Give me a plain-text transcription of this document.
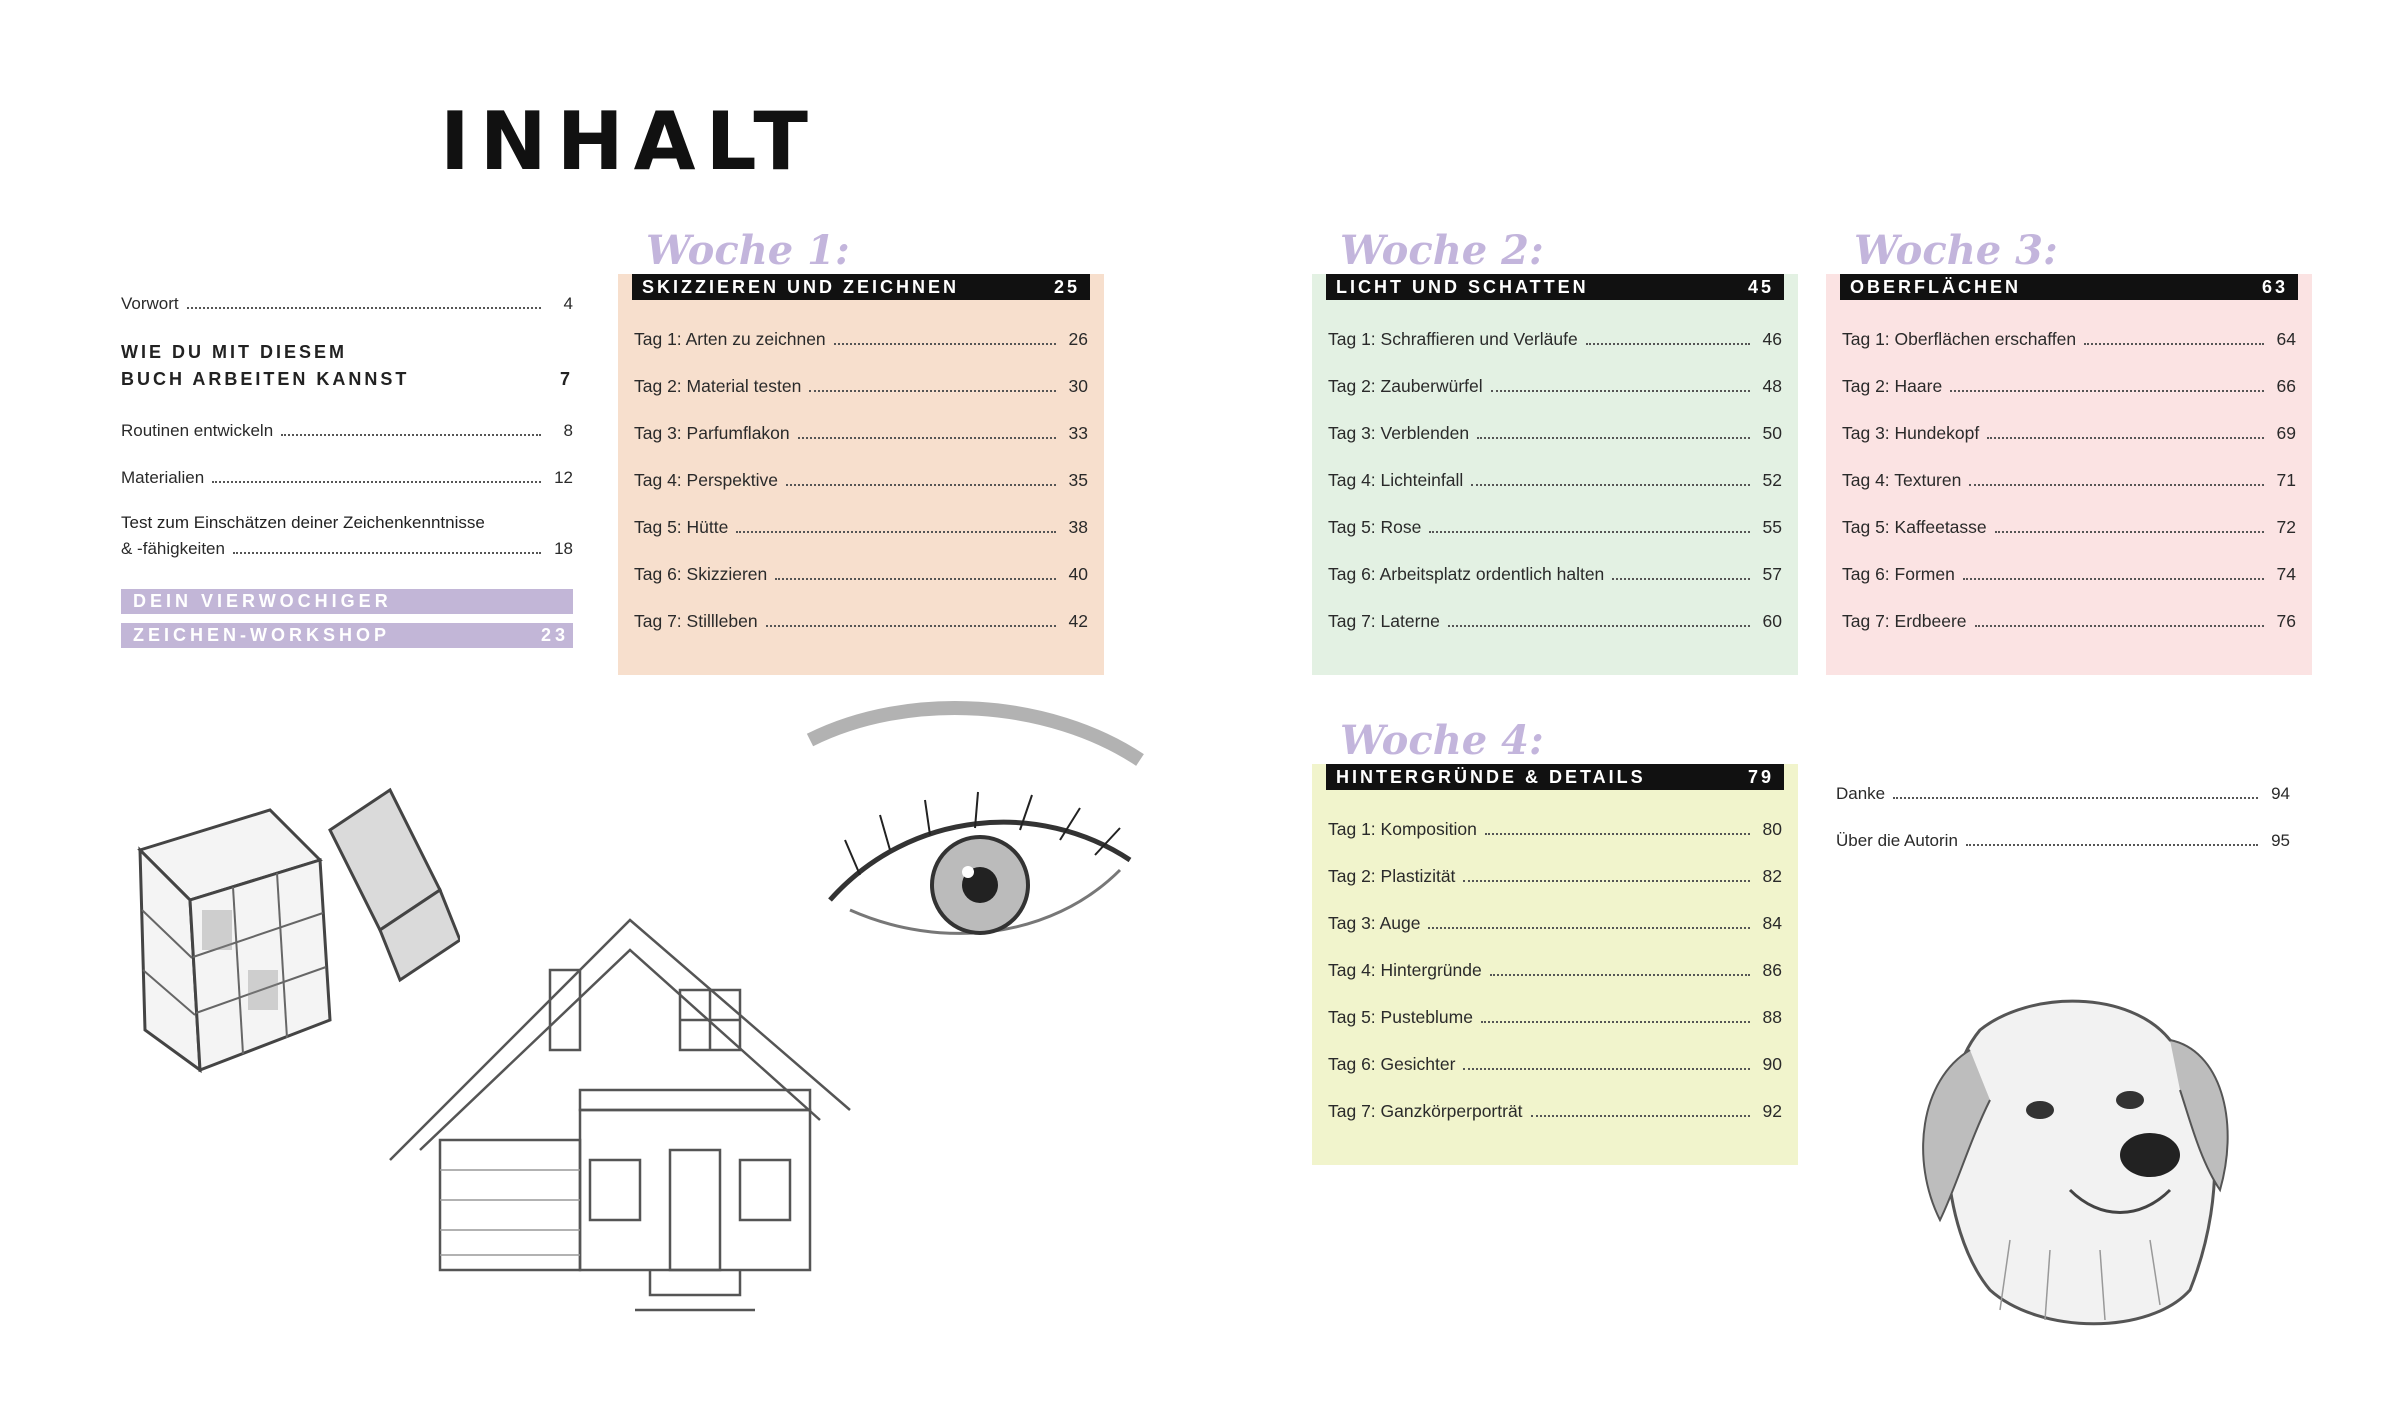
INHALT
Vorwort	4
WIE DU MIT DIESEM
BUCH ARBEITEN KANNST	7
Routinen entwickeln	8
Materialien	12
Test zum Einschätzen deiner Zeichenkenntnisse
& -fähigkeiten	18
DEIN VIERWOCHIGER
ZEICHEN-WORKSHOP	23
Woche 1:
SKIZZIEREN UND ZEICHNEN	25
Tag 1: Arten zu zeichnen	26
Tag 2: Material testen	30
Tag 3: Parfumflakon	33
Tag 4: Perspektive	35
Tag 5: Hütte	38
Tag 6: Skizzieren	40
Tag 7: Stillleben	42
Woche 2:
LICHT UND SCHATTEN	45
Tag 1: Schraffieren und Verläufe	46
Tag 2: Zauberwürfel	48
Tag 3: Verblenden	50
Tag 4: Lichteinfall	52
Tag 5: Rose	55
Tag 6: Arbeitsplatz ordentlich halten	57
Tag 7: Laterne	60
Woche 3:
OBERFLÄCHEN	63
Tag 1: Oberflächen erschaffen	64
Tag 2: Haare	66
Tag 3: Hundekopf	69
Tag 4: Texturen	71
Tag 5: Kaffeetasse	72
Tag 6: Formen	74
Tag 7: Erdbeere	76
Woche 4:
HINTERGRÜNDE & DETAILS	79
Tag 1: Komposition	80
Tag 2: Plastizität	82
Tag 3: Auge	84
Tag 4: Hintergründe	86
Tag 5: Pusteblume	88
Tag 6: Gesichter	90
Tag 7: Ganzkörperporträt	92
Danke	94
Über die Autorin	95
